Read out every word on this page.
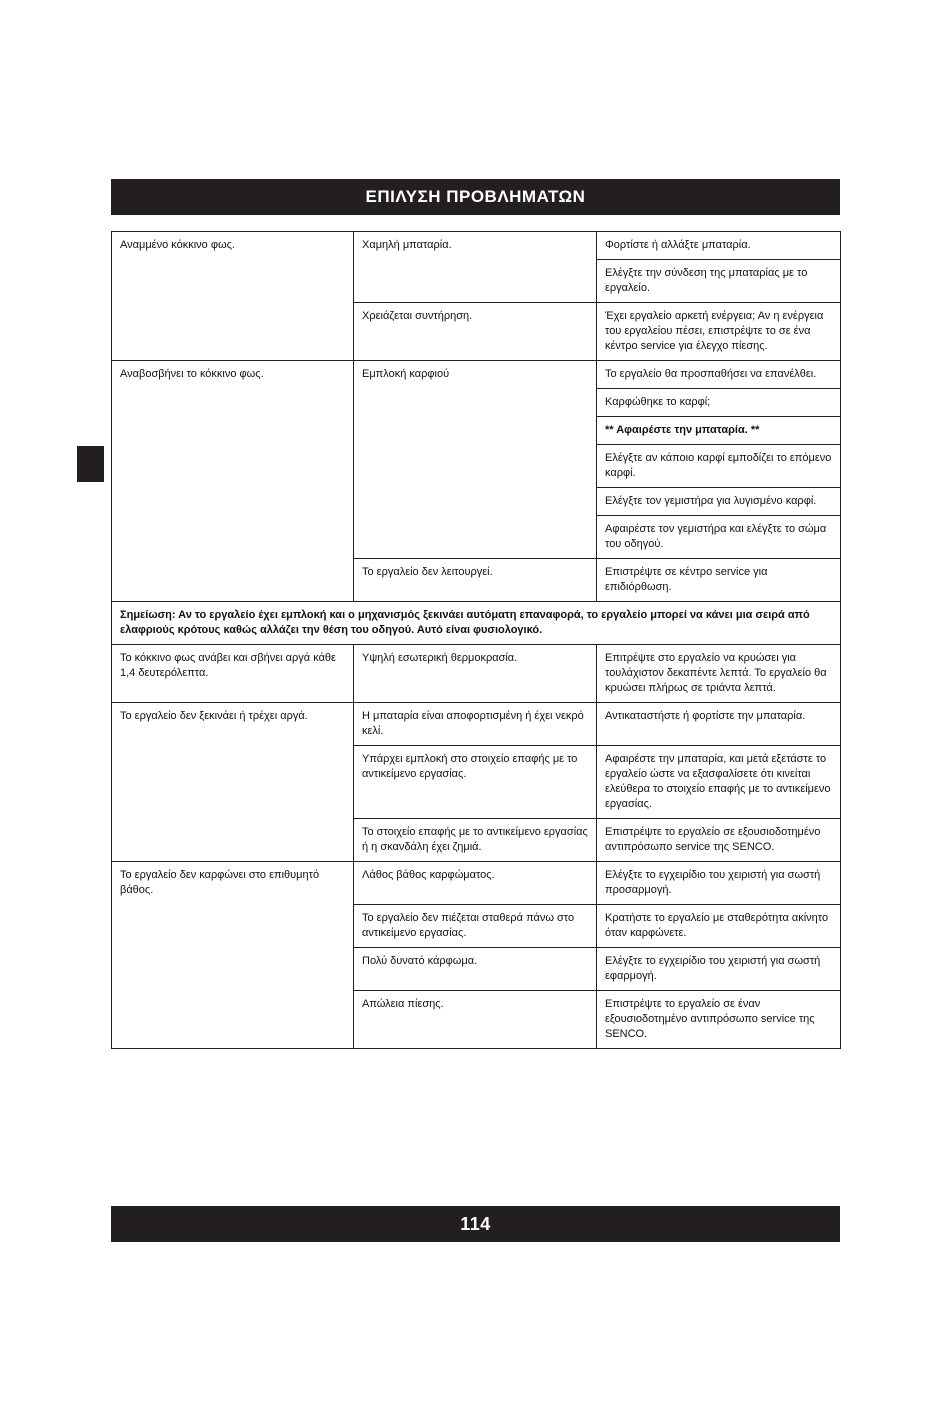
ΕΠΙΛΥΣΗ ΠΡΟΒΛΗΜΑΤΩΝ
Αναμμένο κόκκινο φως.	Χαμηλή μπαταρία.	Φορτίστε ή αλλάξτε μπαταρία.
		Ελέγξτε την σύνδεση της μπαταρίας με το εργαλείο.
	Χρειάζεται συντήρηση.	Έχει εργαλείο αρκετή ενέργεια; Αν η ενέργεια του εργαλείου πέσει, επιστρέψτε το σε ένα κέντρο service για έλεγχο πίεσης.
Αναβοσβήνει το κόκκινο φως.	Εμπλοκή καρφιού	Το εργαλείο θα προσπαθήσει να επανέλθει.
		Καρφώθηκε το καρφί;
		** Αφαιρέστε την μπαταρία. **
		Ελέγξτε αν κάποιο καρφί εμποδίζει το επόμενο καρφί.
		Ελέγξτε τον γεμιστήρα για λυγισμένο καρφί.
		Αφαιρέστε τον γεμιστήρα και ελέγξτε το σώμα του οδηγού.
	Το εργαλείο δεν λειτουργεί.	Επιστρέψτε σε κέντρο service για επιδιόρθωση.
Σημείωση: Αν το εργαλείο έχει εμπλοκή και ο μηχανισμός ξεκινάει αυτόματη επαναφορά, το εργαλείο μπορεί να κάνει μια σειρά από ελαφριούς κρότους καθώς αλλάζει την θέση του οδηγού. Αυτό είναι φυσιολογικό.		
Το κόκκινο φως ανάβει και σβήνει αργά κάθε 1,4 δευτερόλεπτα.	Υψηλή εσωτερική θερμοκρασία.	Επιτρέψτε στο εργαλείο να κρυώσει για τουλάχιστον δεκαπέντε λεπτά. Το εργαλείο θα κρυώσει πλήρως σε τριάντα λεπτά.
Το εργαλείο δεν ξεκινάει ή τρέχει αργά.	Η μπαταρία είναι αποφορτισμένη ή έχει νεκρό κελί.	Αντικαταστήστε ή φορτίστε την μπαταρία.
	Υπάρχει εμπλοκή στο στοιχείο επαφής με το αντικείμενο εργασίας.	Αφαιρέστε την μπαταρία, και μετά εξετάστε το εργαλείο ώστε να εξασφαλίσετε ότι κινείται ελεύθερα το στοιχείο επαφής με το αντικείμενο εργασίας.
	Το στοιχείο επαφής με το αντικείμενο εργασίας ή η σκανδάλη έχει ζημιά.	Επιστρέψτε το εργαλείο σε εξουσιοδοτημένο αντιπρόσωπο service της SENCO.
Το εργαλείο δεν καρφώνει στο επιθυμητό βάθος.	Λάθος βάθος καρφώματος.	Ελέγξτε το εγχειρίδιο του χειριστή για σωστή προσαρμογή.
	Το εργαλείο δεν πιέζεται σταθερά πάνω στο αντικείμενο εργασίας.	Κρατήστε το εργαλείο με σταθερότητα ακίνητο όταν καρφώνετε.
	Πολύ δυνατό κάρφωμα.	Ελέγξτε το εγχειρίδιο του χειριστή για σωστή εφαρμογή.
	Απώλεια πίεσης.	Επιστρέψτε το εργαλείο σε έναν εξουσιοδοτημένο αντιπρόσωπο service της SENCO.
114
